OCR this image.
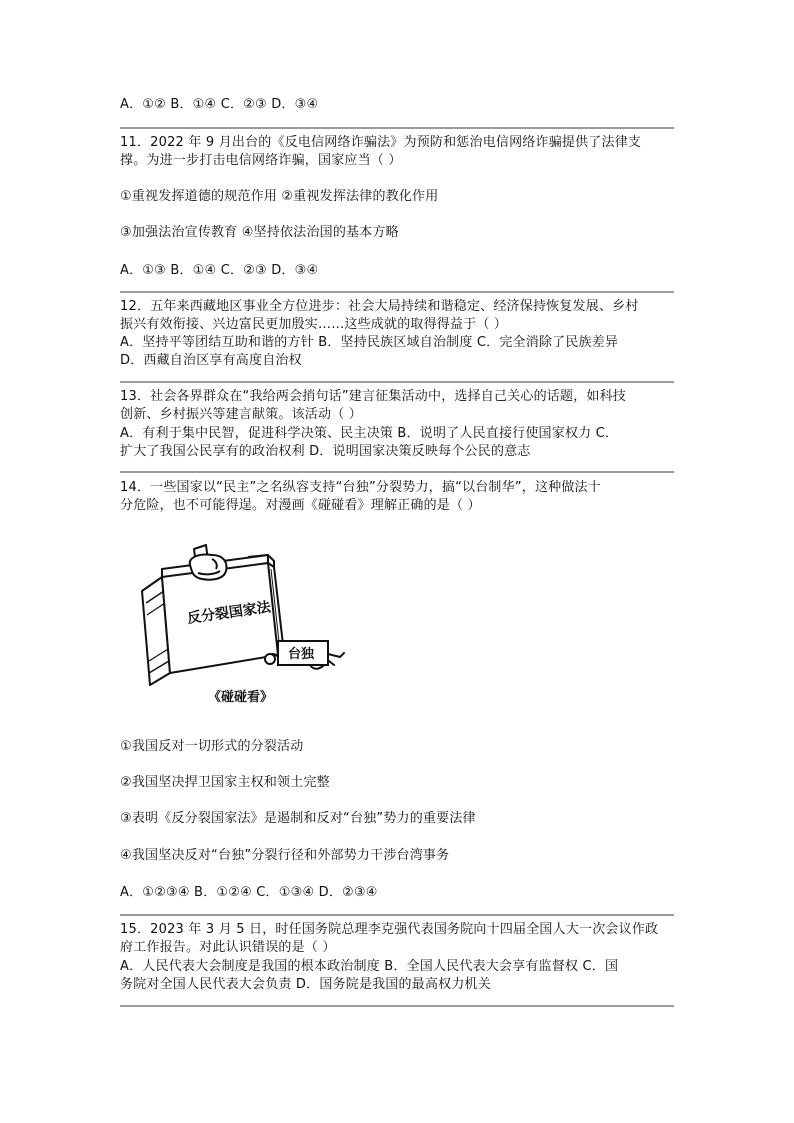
A．①② B．①④ C．②③ D．③④
11．2022 年 9 月出台的《反电信网络诈骗法》为预防和惩治电信网络诈骗提供了法律支
撑。为进一步打击电信网络诈骗，国家应当（ ）
①重视发挥道德的规范作用 ②重视发挥法律的教化作用
③加强法治宣传教育 ④坚持依法治国的基本方略
A．①③ B．①④ C．②③ D．③④
12．五年来西藏地区事业全方位进步：社会大局持续和谐稳定、经济保持恢复发展、乡村
振兴有效衔接、兴边富民更加殷实……这些成就的取得得益于（ ）
A．坚持平等团结互助和谐的方针 B．坚持民族区域自治制度 C．完全消除了民族差异
D．西藏自治区享有高度自治权
13．社会各界群众在“我给两会捎句话”建言征集活动中，选择自己关心的话题，如科技
创新、乡村振兴等建言献策。该活动（ ）
A．有利于集中民智，促进科学决策、民主决策 B．说明了人民直接行使国家权力 C．
扩大了我国公民享有的政治权利 D．说明国家决策反映每个公民的意志
14．一些国家以“民主”之名纵容支持“台独”分裂势力，搞“以台制华”，这种做法十
分危险，也不可能得逞。对漫画《碰碰看》理解正确的是（ ）
反分裂国家法
台独
《碰碰看》
①我国反对一切形式的分裂活动
②我国坚决捍卫国家主权和领土完整
③表明《反分裂国家法》是遏制和反对“台独”势力的重要法律
④我国坚决反对“台独”分裂行径和外部势力干涉台湾事务
A．①②③④ B．①②④ C．①③④ D．②③④
15．2023 年 3 月 5 日，时任国务院总理李克强代表国务院向十四届全国人大一次会议作政
府工作报告。对此认识错误的是（ ）
A．人民代表大会制度是我国的根本政治制度 B．全国人民代表大会享有监督权 C．国
务院对全国人民代表大会负责 D．国务院是我国的最高权力机关
